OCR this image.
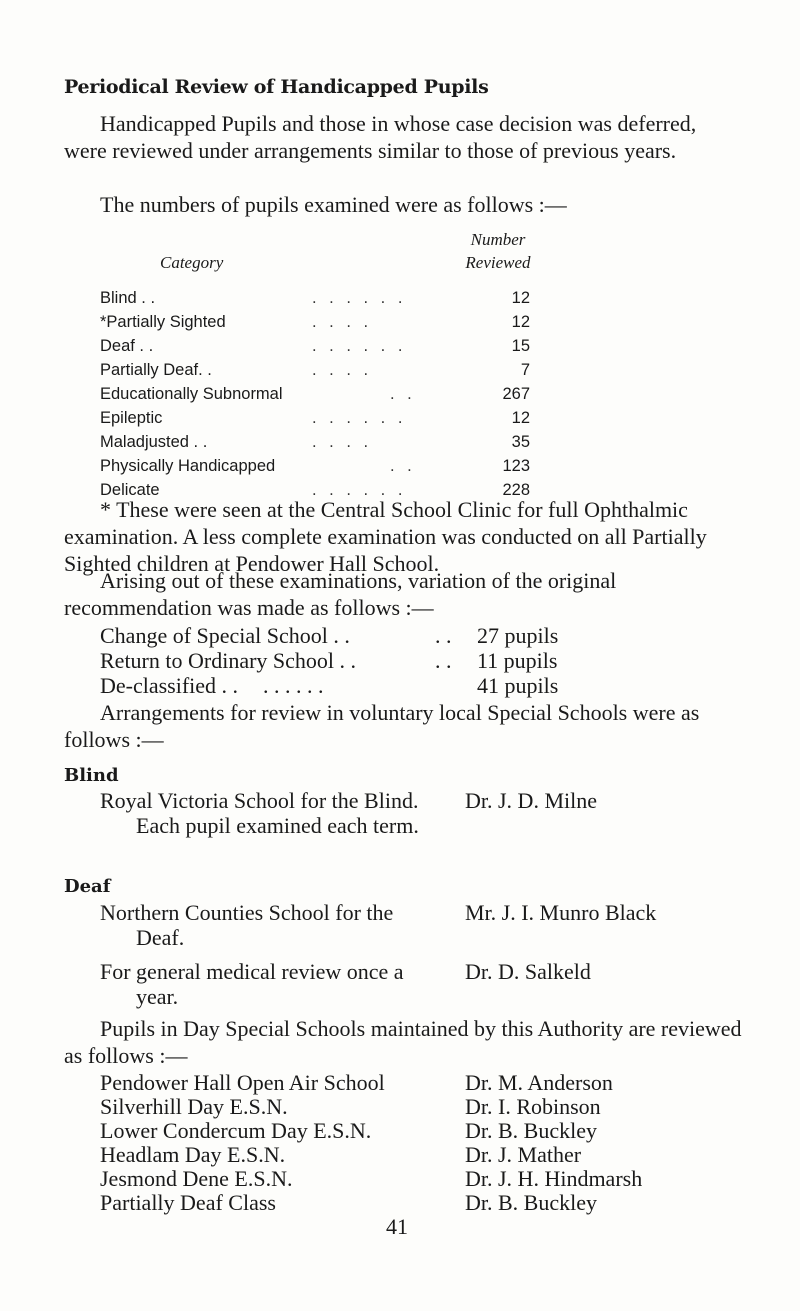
Periodical Review of Handicapped Pupils
Handicapped Pupils and those in whose case decision was deferred, were reviewed under arrangements similar to those of previous years.
The numbers of pupils examined were as follows :—
Category
Number
Reviewed
Blind . .	. . . . . .	12
*Partially Sighted	. . . .	12
Deaf . .	. . . . . .	15
Partially Deaf. .	. . . .	7
Educationally Subnormal	. .	267
Epileptic	. . . . . .	12
Maladjusted . .	. . . .	35
Physically Handicapped	. .	123
Delicate	. . . . . .	228
* These were seen at the Central School Clinic for full Ophthalmic examination. A less complete examination was conducted on all Partially Sighted children at Pendower Hall School.
Arising out of these examinations, variation of the original recommendation was made as follows :—
Change of Special School . .	. . 27 pupils
Return to Ordinary School . .	. . 11 pupils
De-classified . . . . . . . .	41 pupils
Arrangements for review in voluntary local Special Schools were as follows :—
Blind
Royal Victoria School for the Blind. Dr. J. D. Milne
Each pupil examined each term.
Deaf
Northern Counties School for the
Deaf.
Mr. J. I. Munro Black
For general medical review once a
year.
Dr. D. Salkeld
Pupils in Day Special Schools maintained by this Authority are reviewed as follows :—
Pendower Hall Open Air School	Dr. M. Anderson
Silverhill Day E.S.N.	Dr. I. Robinson
Lower Condercum Day E.S.N.	Dr. B. Buckley
Headlam Day E.S.N.	Dr. J. Mather
Jesmond Dene E.S.N.	Dr. J. H. Hindmarsh
Partially Deaf Class	Dr. B. Buckley
41
